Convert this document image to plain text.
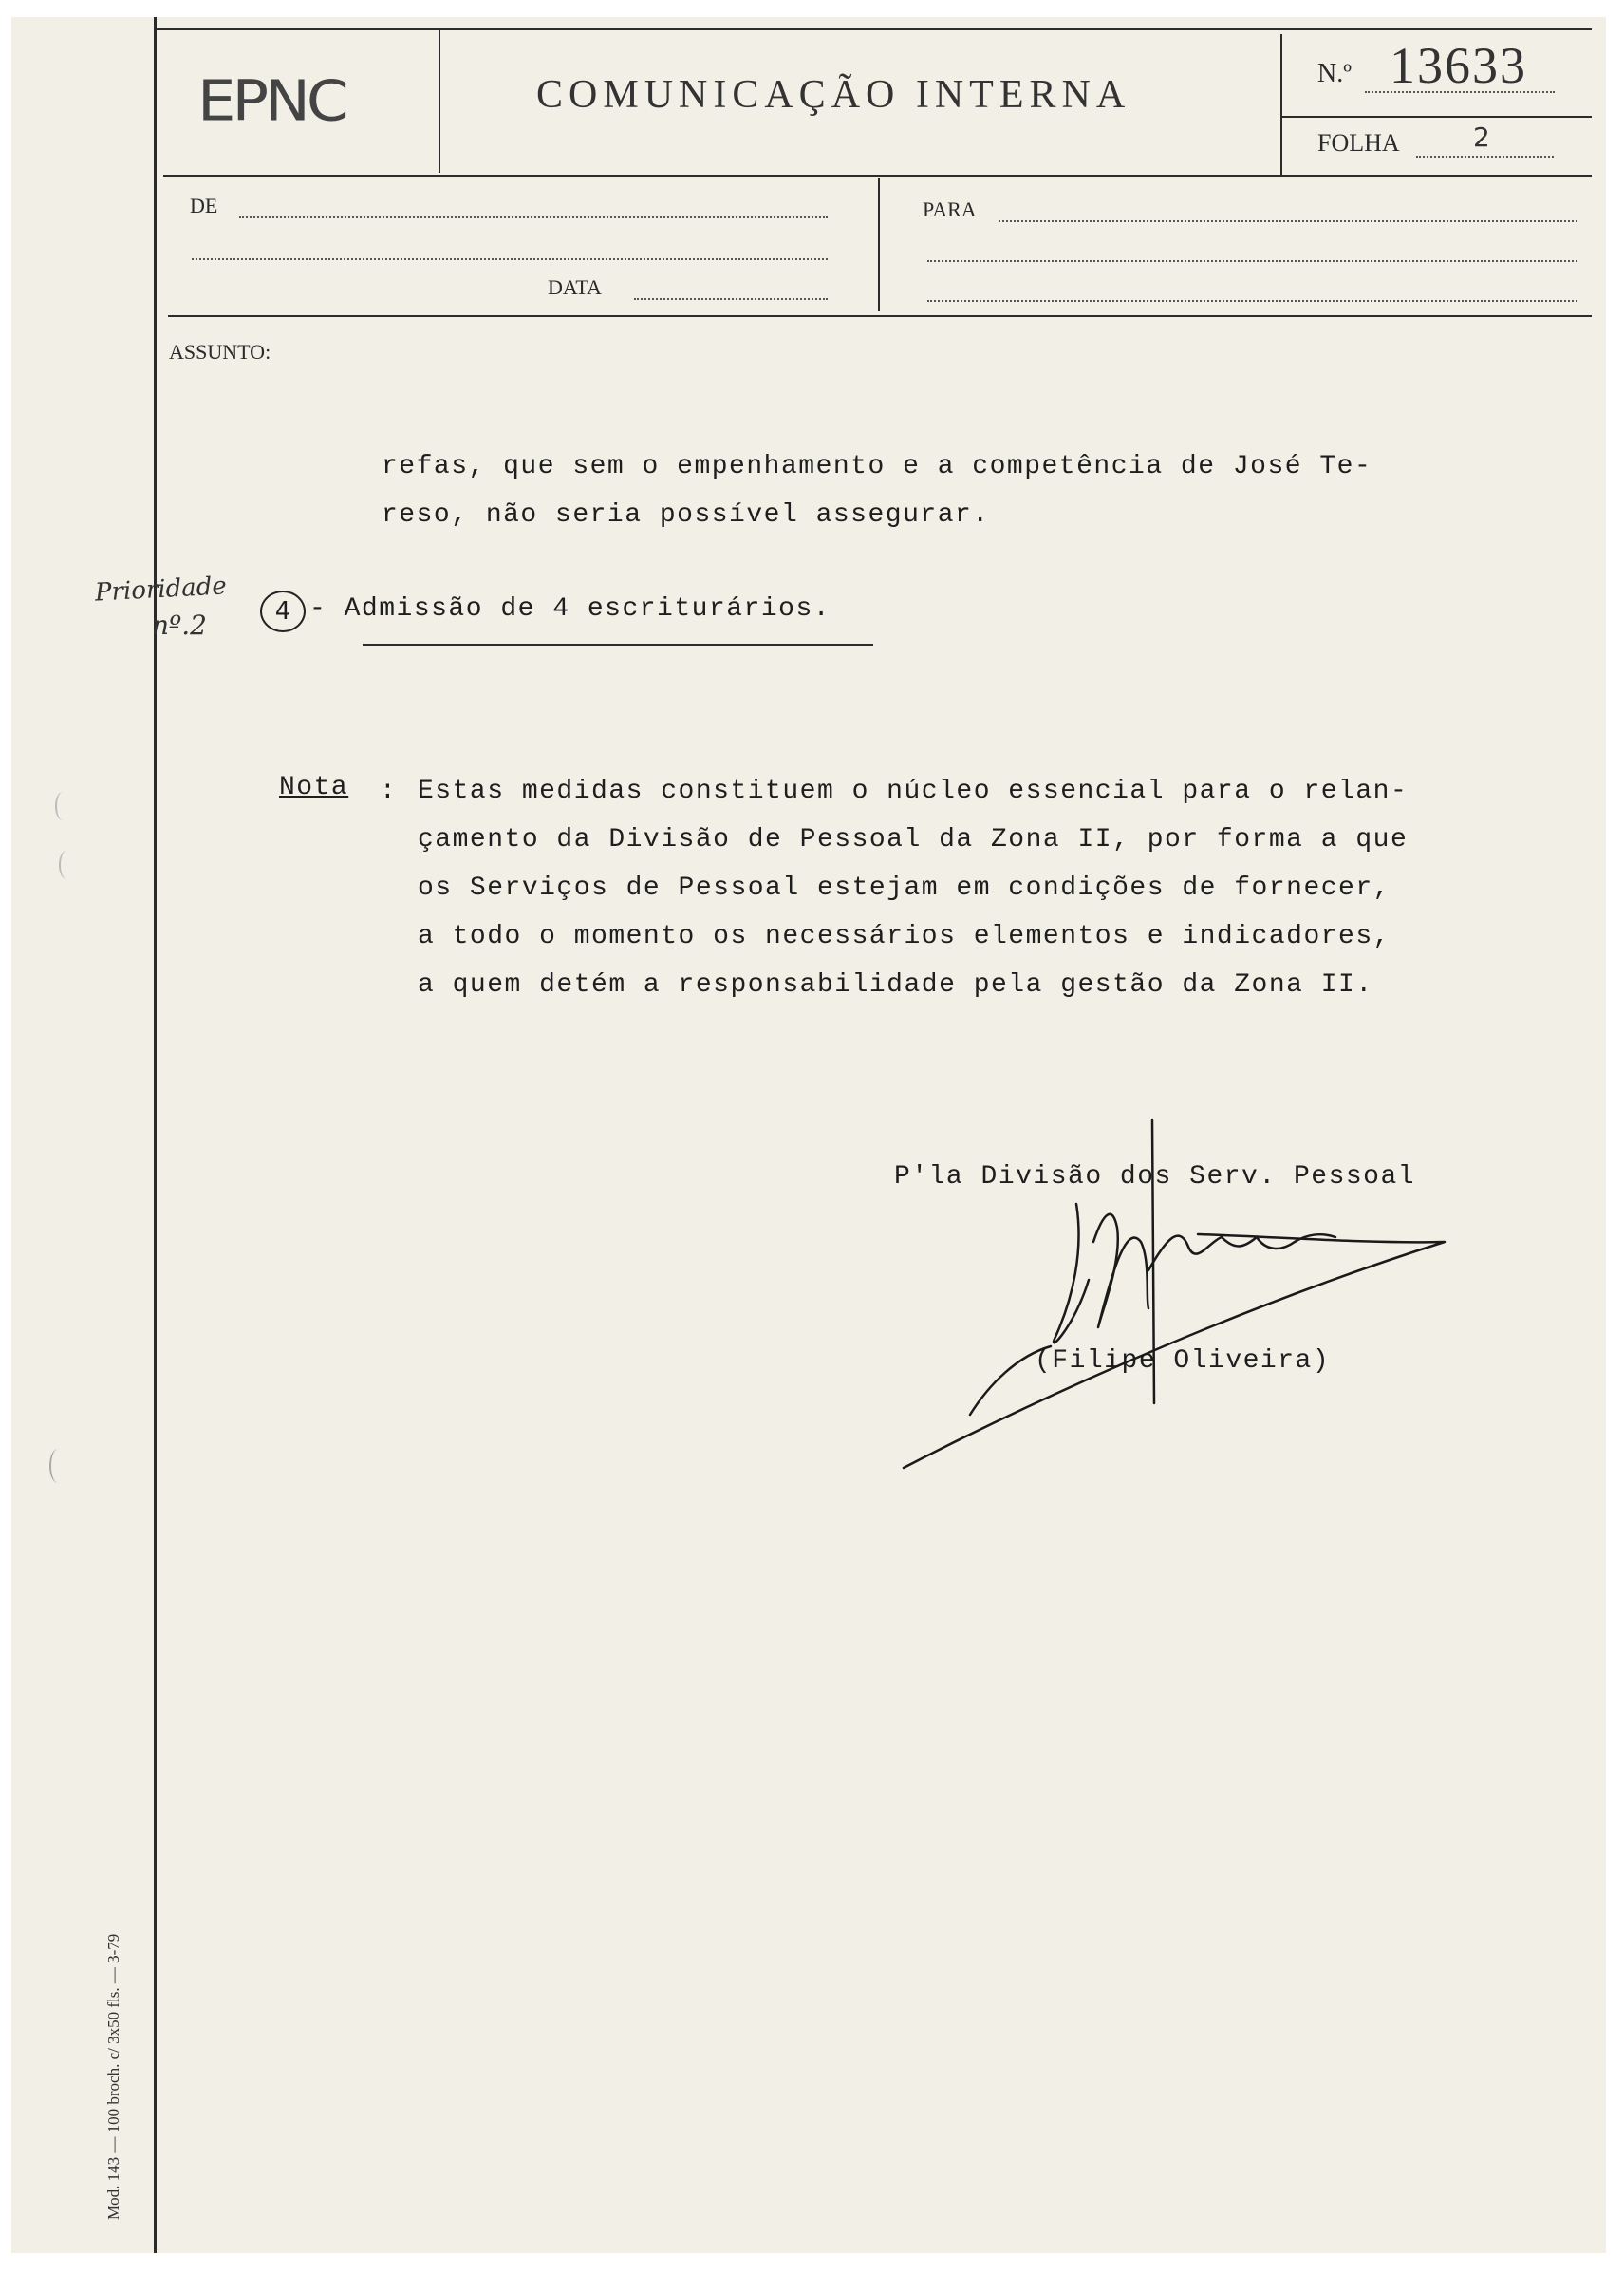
EPNC	COMUNICAÇÃO INTERNA	N.º 13633
FOLHA	2
DE
DATA
PARA
ASSUNTO:
refas, que sem o empenhamento e a competência de José Te-
reso, não seria possível assegurar.
Prioridade
nº.2	4 - Admissão de 4 escriturários.
Nota : Estas medidas constituem o núcleo essencial para o relan-
çamento da Divisão de Pessoal da Zona II, por forma a que
os Serviços de Pessoal estejam em condições de fornecer,
a todo o momento os necessários elementos e indicadores,
a quem detém a responsabilidade pela gestão da Zona II.
P'la Divisão dos Serv. Pessoal
(Filipe Oliveira)
Mod. 143 — 100 broch. c/ 3x50 fls. — 3-79
